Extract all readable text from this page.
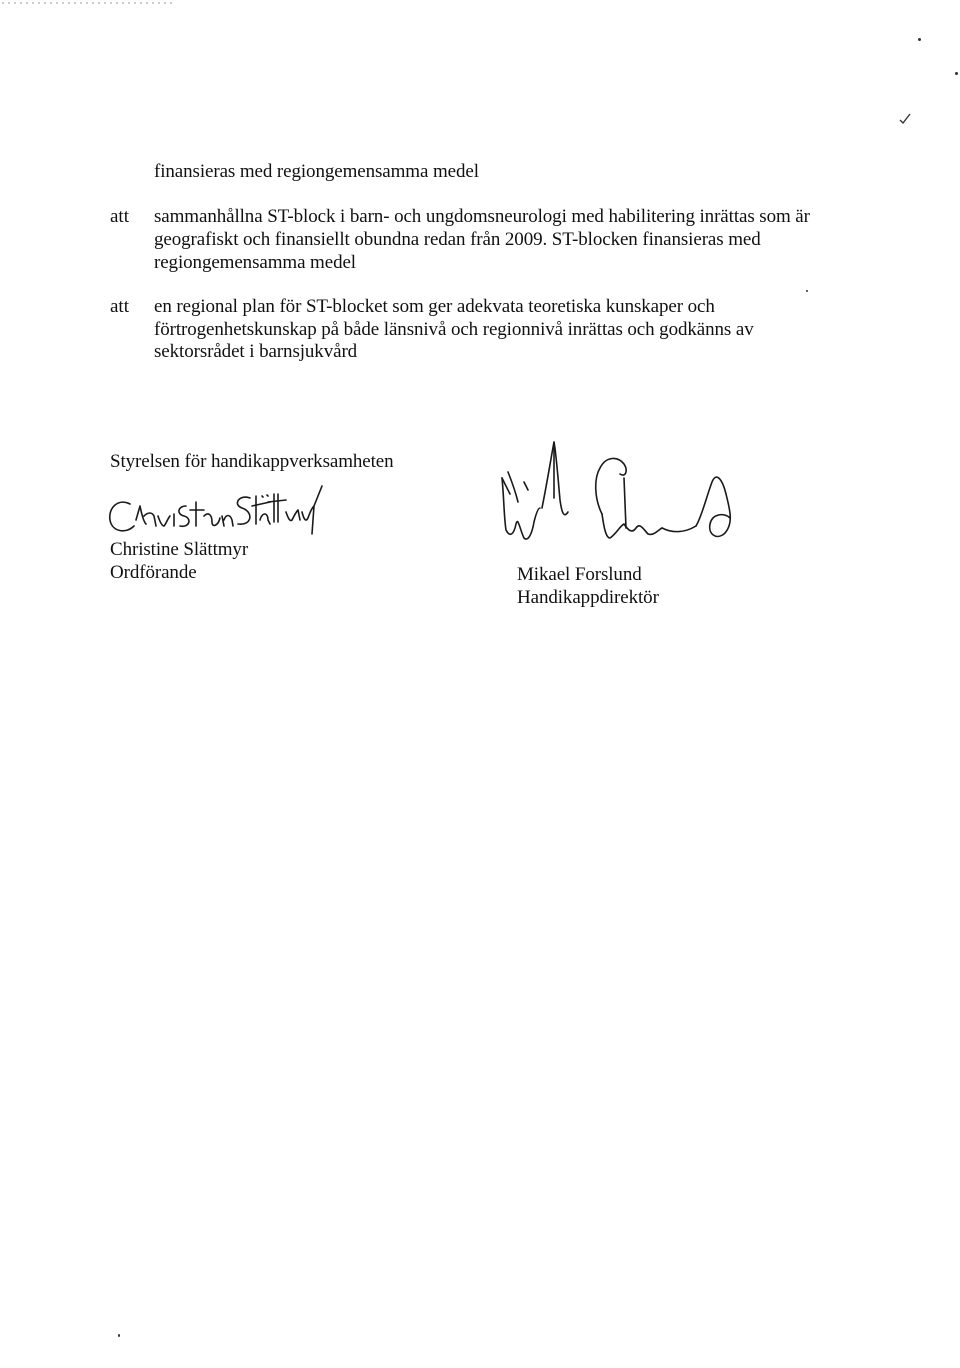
finansieras med regiongemensamma medel
att sammanhållna ST-block i barn- och ungdomsneurologi med habilitering inrättas som är
geografiskt och finansiellt obundna redan från 2009. ST-blocken finansieras med
regiongemensamma medel
att en regional plan för ST-blocket som ger adekvata teoretiska kunskaper och
förtrogenhetskunskap på både länsnivå och regionnivå inrättas och godkänns av
sektorsrådet i barnsjukvård
Styrelsen för handikappverksamheten
Christine Slättmyr
Ordförande	Mikael Forslund
Handikappdirektör
